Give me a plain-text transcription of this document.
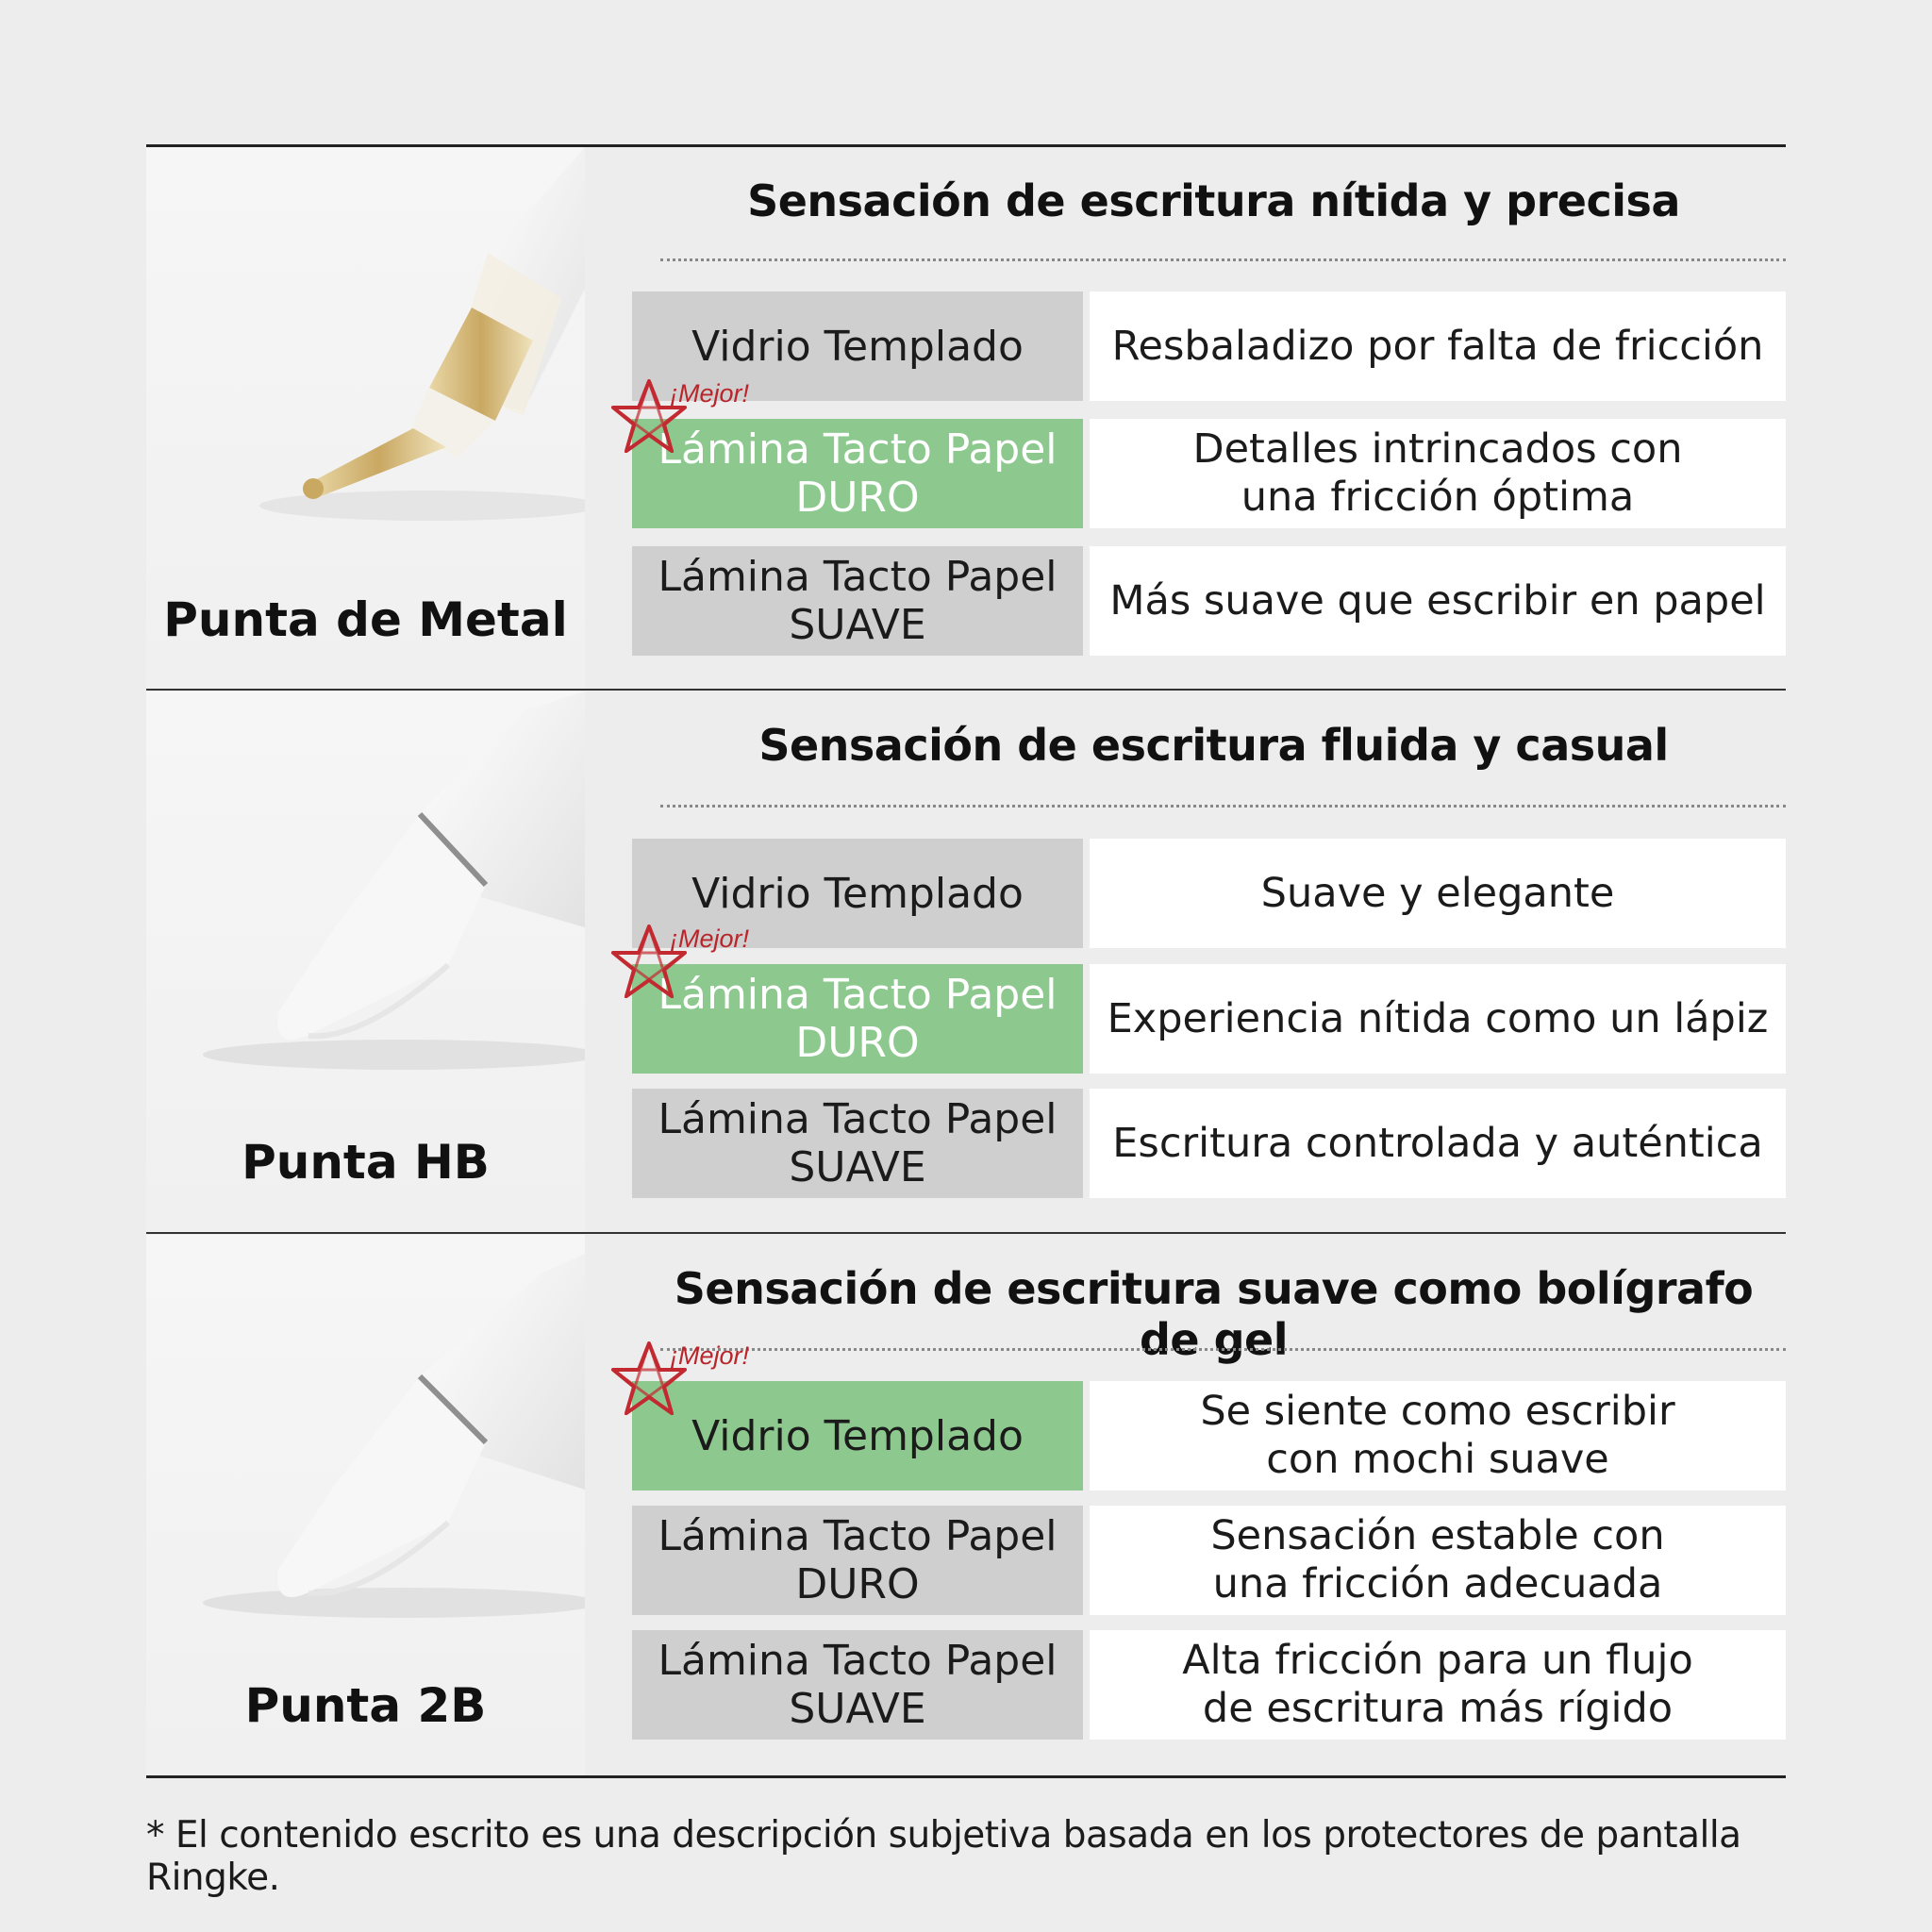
Punta de Metal
Sensación de escritura nítida y precisa
Vidrio Templado Resbaladizo por falta de fricción
Lámina Tacto Papel
DURO
¡Mejor!
Detalles intrincados con
una fricción óptima
Lámina Tacto Papel
SUAVE
Más suave que escribir en papel
Punta HB
Sensación de escritura fluida y casual
Vidrio Templado	Suave y elegante
Lámina Tacto Papel
DURO
¡Mejor!
Experiencia nítida como un lápiz
Lámina Tacto Papel
SUAVE
Escritura controlada y auténtica
Punta 2B
Sensación de escritura suave como bolígrafo de gel
Vidrio Templado
¡Mejor!
Se siente como escribir
con mochi suave
Lámina Tacto Papel
DURO
Sensación estable con
una fricción adecuada
Lámina Tacto Papel
SUAVE
Alta fricción para un flujo
de escritura más rígido
* El contenido escrito es una descripción subjetiva basada en los protectores de pantalla Ringke.
